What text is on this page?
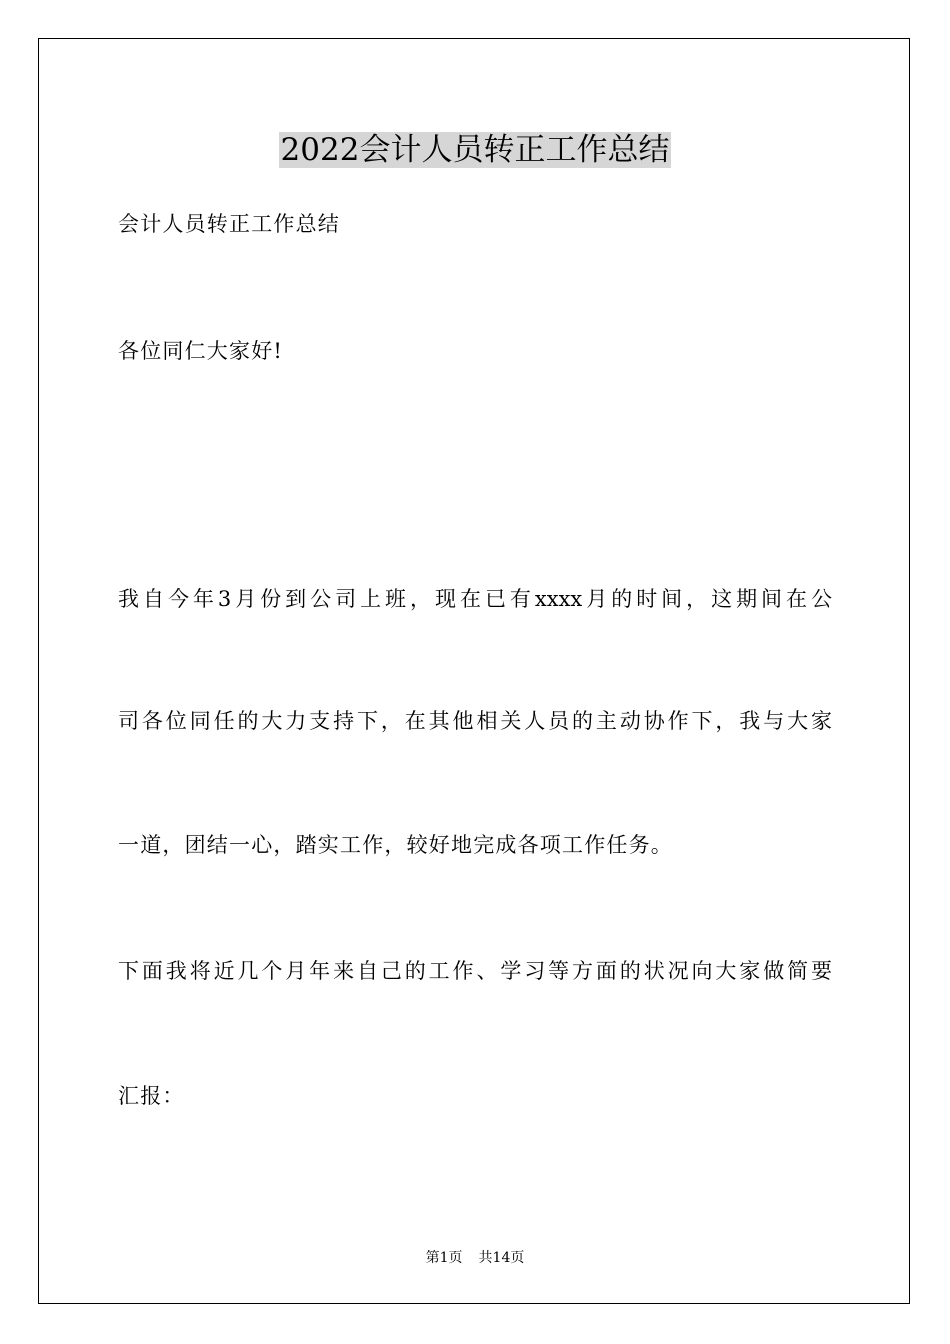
2022会计人员转正工作总结

会计人员转正工作总结

各位同仁大家好!

我自今年3月份到公司上班，现在已有xxxx月的时间，这期间在公

司各位同任的大力支持下，在其他相关人员的主动协作下，我与大家

一道，团结一心，踏实工作，较好地完成各项工作任务。

下面我将近几个月年来自己的工作、学习等方面的状况向大家做简要

汇报：

第1页 共14页
